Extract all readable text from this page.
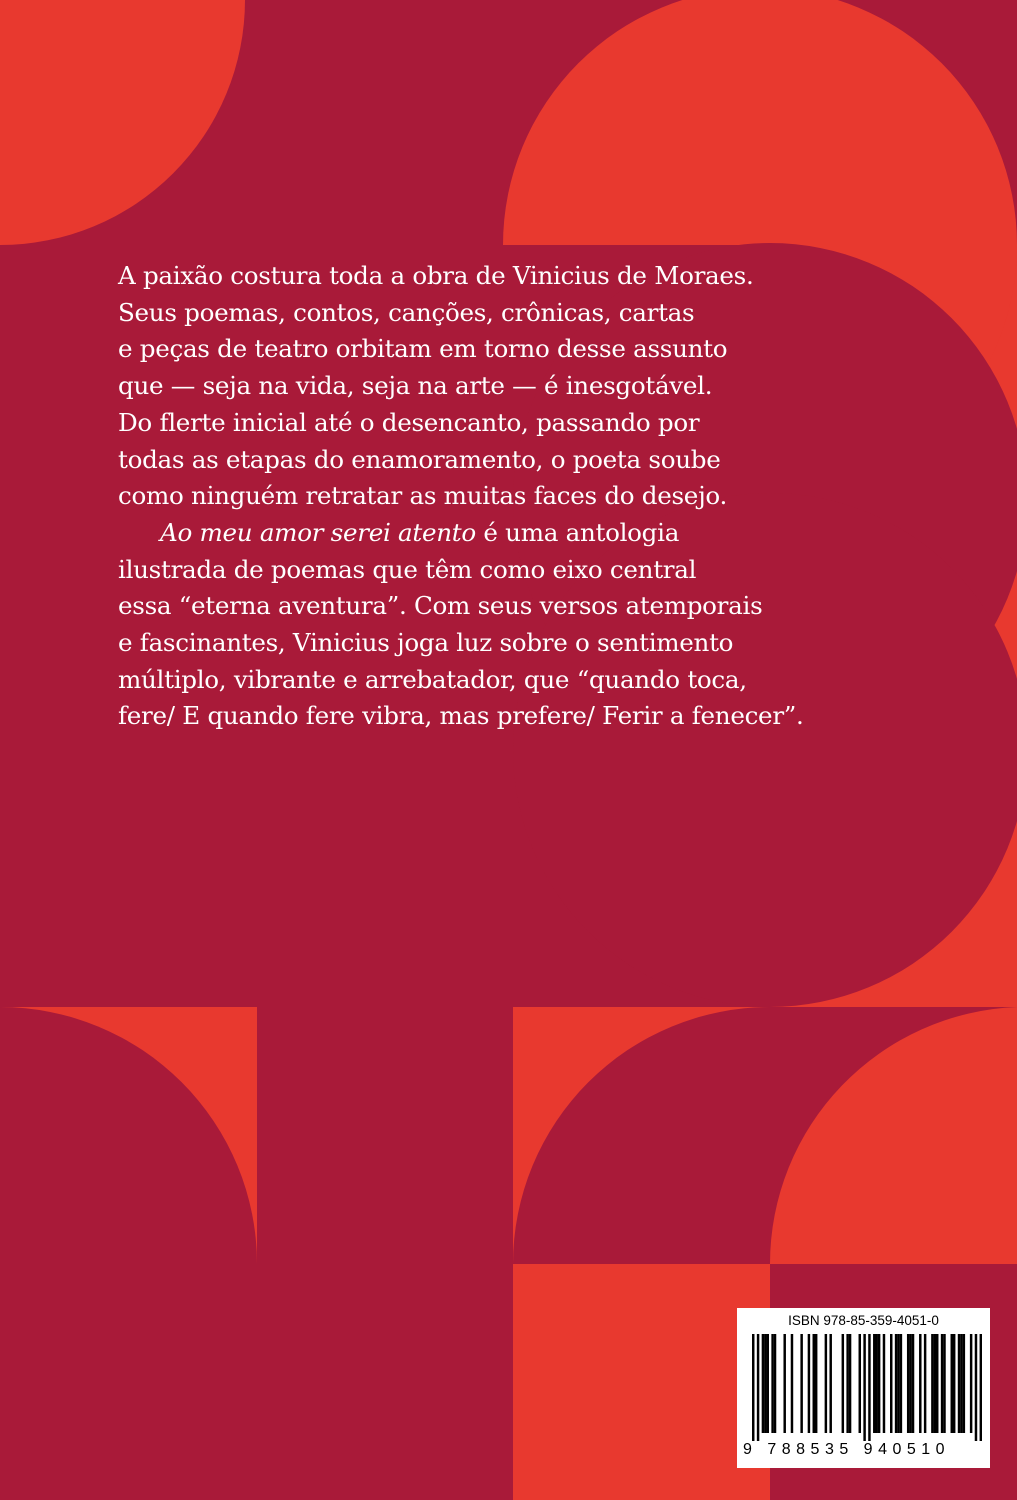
A paixão costura toda a obra de Vinicius de Moraes.
Seus poemas, contos, canções, crônicas, cartas
e peças de teatro orbitam em torno desse assunto
que — seja na vida, seja na arte — é inesgotável.
Do flerte inicial até o desencanto, passando por
todas as etapas do enamoramento, o poeta soube
como ninguém retratar as muitas faces do desejo.

Ao meu amor serei atento é uma antologia
ilustrada de poemas que têm como eixo central
essa “eterna aventura”. Com seus versos atemporais
e fascinantes, Vinicius joga luz sobre o sentimento
múltiplo, vibrante e arrebatador, que “quando toca,
fere/ E quando fere vibra, mas prefere/ Ferir a fenecer”.

ISBN 978-85-359-4051-0
9 788535 940510
